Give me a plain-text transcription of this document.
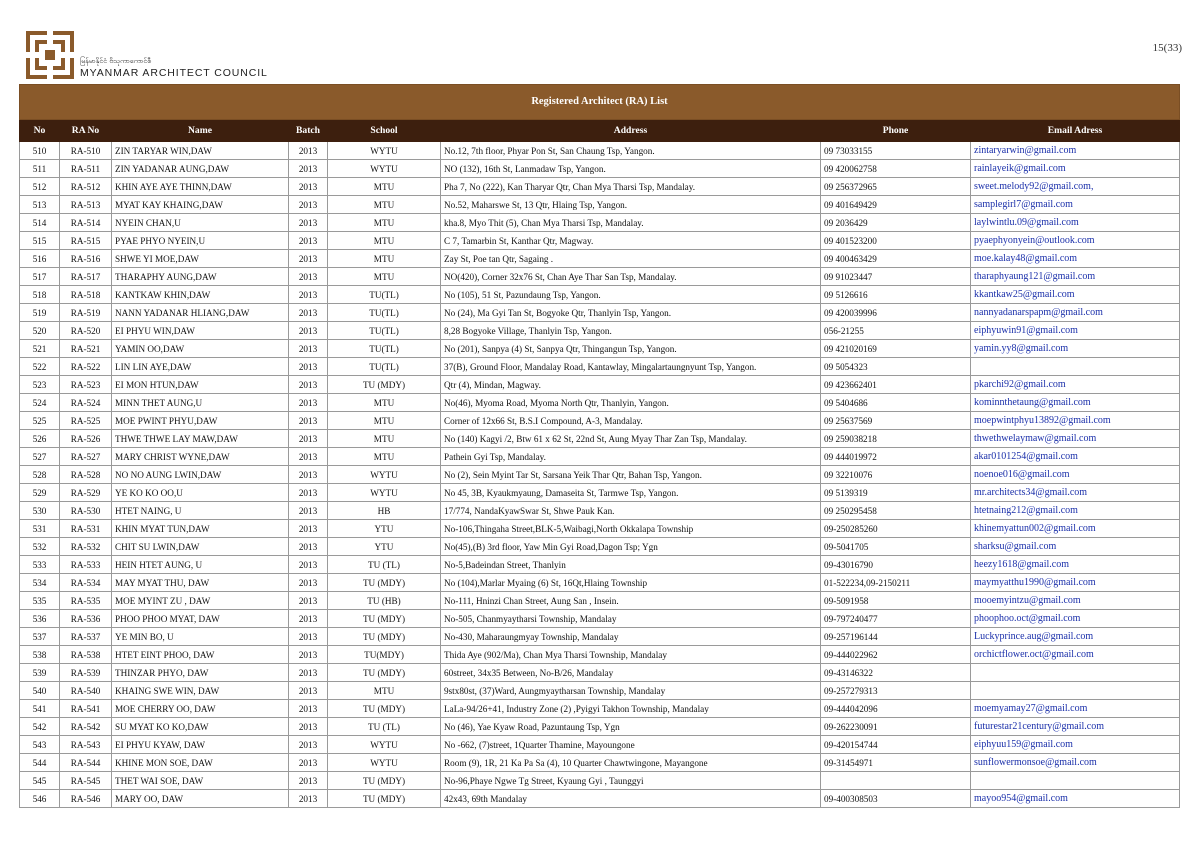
မြန်မာနိုင်ငံ ဗိသုကာကောင်စီ
MYANMAR ARCHITECT COUNCIL
15(33)
Registered Architect (RA) List							
No	RA No	Name	Batch	School	Address	Phone	Email Adress
510	RA-510	ZIN TARYAR WIN,DAW	2013	WYTU	No.12, 7th floor, Phyar Pon St, San Chaung Tsp, Yangon.	09 73033155	zintaryarwin@gmail.com
511	RA-511	ZIN YADANAR AUNG,DAW	2013	WYTU	NO (132), 16th St, Lanmadaw Tsp, Yangon.	09 420062758	rainlayeik@gmail.com
512	RA-512	KHIN AYE AYE THINN,DAW	2013	MTU	Pha 7, No (222), Kan Tharyar Qtr, Chan Mya Tharsi Tsp, Mandalay.	09 256372965	sweet.melody92@gmail.com,
513	RA-513	MYAT KAY KHAING,DAW	2013	MTU	No.52, Maharswe St, 13 Qtr, Hlaing Tsp, Yangon.	09 401649429	samplegirl7@gmail.com
514	RA-514	NYEIN CHAN,U	2013	MTU	kha.8, Myo Thit (5), Chan Mya Tharsi Tsp, Mandalay.	09 2036429	laylwintlu.09@gmail.com
515	RA-515	PYAE PHYO NYEIN,U	2013	MTU	C 7, Tamarbin St, Kanthar Qtr, Magway.	09 401523200	pyaephyonyein@outlook.com
516	RA-516	SHWE YI MOE,DAW	2013	MTU	Zay St, Poe tan Qtr, Sagaing .	09 400463429	moe.kalay48@gmail.com
517	RA-517	THARAPHY AUNG,DAW	2013	MTU	NO(420), Corner 32x76 St, Chan Aye Thar San Tsp, Mandalay.	09 91023447	tharaphyaung121@gmail.com
518	RA-518	KANTKAW KHIN,DAW	2013	TU(TL)	No (105), 51 St, Pazundaung Tsp, Yangon.	09 5126616	kkantkaw25@gmail.com
519	RA-519	NANN YADANAR HLIANG,DAW	2013	TU(TL)	No (24), Ma Gyi Tan St, Bogyoke Qtr, Thanlyin Tsp, Yangon.	09 420039996	nannyadanarspapm@gmail.com
520	RA-520	EI PHYU WIN,DAW	2013	TU(TL)	8,28 Bogyoke Village, Thanlyin Tsp, Yangon.	056-21255	eiphyuwin91@gmail.com
521	RA-521	YAMIN OO,DAW	2013	TU(TL)	No (201), Sanpya (4) St, Sanpya Qtr, Thingangun Tsp, Yangon.	09 421020169	yamin.yy8@gmail.com
522	RA-522	LIN LIN AYE,DAW	2013	TU(TL)	37(B), Ground Floor, Mandalay Road, Kantawlay, Mingalartaungnyunt Tsp, Yangon.	09 5054323	
523	RA-523	EI MON HTUN,DAW	2013	TU (MDY)	Qtr (4), Mindan, Magway.	09 423662401	pkarchi92@gmail.com
524	RA-524	MINN THET AUNG,U	2013	MTU	No(46), Myoma Road, Myoma North Qtr, Thanlyin, Yangon.	09 5404686	kominnthetaung@gmail.com
525	RA-525	MOE PWINT PHYU,DAW	2013	MTU	Corner of 12x66 St, B.S.I Compound, A-3, Mandalay.	09 25637569	moepwintphyu13892@gmail.com
526	RA-526	THWE THWE LAY MAW,DAW	2013	MTU	No (140) Kagyi /2, Btw 61 x 62 St, 22nd St, Aung Myay Thar Zan Tsp, Mandalay.	09 259038218	thwethwelaymaw@gmail.com
527	RA-527	MARY CHRIST WYNE,DAW	2013	MTU	Pathein Gyi Tsp, Mandalay.	09 444019972	akar0101254@gmail.com
528	RA-528	NO NO AUNG LWIN,DAW	2013	WYTU	No (2), Sein Myint Tar St, Sarsana Yeik Thar Qtr, Bahan Tsp, Yangon.	09 32210076	noenoe016@gmail.com
529	RA-529	YE KO KO OO,U	2013	WYTU	No 45, 3B, Kyaukmyaung, Damaseita St, Tarmwe Tsp, Yangon.	09 5139319	mr.architects34@gmail.com
530	RA-530	HTET NAING, U	2013	HB	17/774, NandaKyawSwar St, Shwe Pauk Kan.	09 250295458	htetnaing212@gmail.com
531	RA-531	KHIN MYAT TUN,DAW	2013	YTU	No-106,Thingaha Street,BLK-5,Waibagi,North Okkalapa Township	09-250285260	khinemyattun002@gmail.com
532	RA-532	CHIT SU LWIN,DAW	2013	YTU	No(45),(B) 3rd floor, Yaw Min Gyi Road,Dagon Tsp; Ygn	09-5041705	sharksu@gmail.com
533	RA-533	HEIN HTET AUNG, U	2013	TU (TL)	No-5,Badeindan Street, Thanlyin	09-43016790	heezy1618@gmail.com
534	RA-534	MAY MYAT THU, DAW	2013	TU (MDY)	No (104),Marlar Myaing (6) St, 16Qt,Hlaing Township	01-522234,09-2150211	maymyatthu1990@gmail.com
535	RA-535	MOE MYINT ZU , DAW	2013	TU (HB)	No-111, Hninzi Chan Street, Aung San , Insein.	09-5091958	mooemyintzu@gmail.com
536	RA-536	PHOO PHOO MYAT, DAW	2013	TU (MDY)	No-505, Chanmyaytharsi Township, Mandalay	09-797240477	phoophoo.oct@gmail.com
537	RA-537	YE MIN BO, U	2013	TU (MDY)	No-430, Maharaungmyay Township, Mandalay	09-257196144	Luckyprince.aug@gmail.com
538	RA-538	HTET EINT PHOO, DAW	2013	TU(MDY)	Thida Aye (902/Ma), Chan Mya Tharsi Township, Mandalay	09-444022962	orchictflower.oct@gmail.com
539	RA-539	THINZAR PHYO, DAW	2013	TU (MDY)	60street, 34x35 Between, No-B/26, Mandalay	09-43146322	
540	RA-540	KHAING SWE WIN, DAW	2013	MTU	9stx80st, (37)Ward, Aungmyaytharsan Township, Mandalay	09-257279313	
541	RA-541	MOE CHERRY OO, DAW	2013	TU (MDY)	LaLa-94/26+41, Industry Zone (2) ,Pyigyi Takhon Township, Mandalay	09-444042096	moemyamay27@gmail.com
542	RA-542	SU MYAT KO KO,DAW	2013	TU (TL)	No (46), Yae Kyaw Road, Pazuntaung Tsp, Ygn	09-262230091	futurestar21century@gmail.com
543	RA-543	EI PHYU KYAW, DAW	2013	WYTU	No -662, (7)street, 1Quarter Thamine, Mayoungone	09-420154744	eiphyuu159@gmail.com
544	RA-544	KHINE MON SOE, DAW	2013	WYTU	Room (9), 1R, 21 Ka Pa Sa (4), 10 Quarter Chawtwingone, Mayangone	09-31454971	sunflowermonsoe@gmail.com
545	RA-545	THET WAI SOE, DAW	2013	TU (MDY)	No-96,Phaye Ngwe Tg Street, Kyaung Gyi , Taunggyi		
546	RA-546	MARY OO, DAW	2013	TU (MDY)	42x43, 69th Mandalay	09-400308503	mayoo954@gmail.com
